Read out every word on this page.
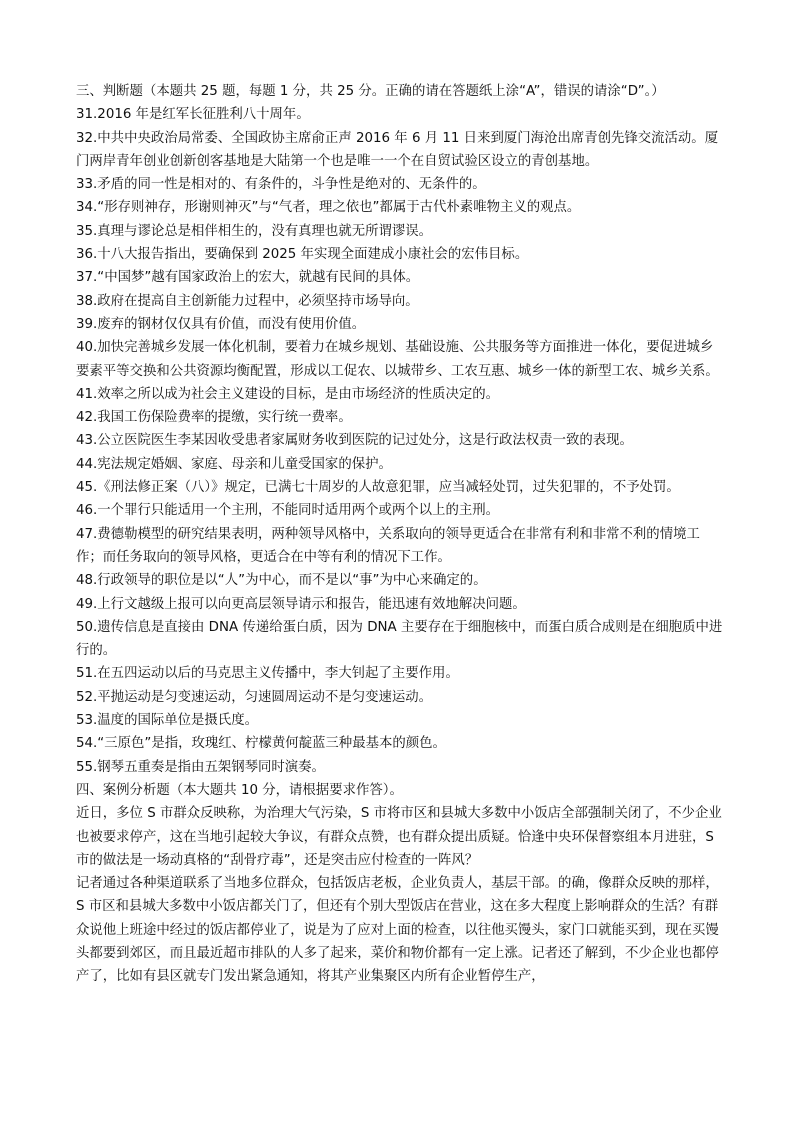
三、判断题（本题共 25 题，每题 1 分，共 25 分。正确的请在答题纸上涂“A”，错误的请涂“D”。）

31.2016 年是红军长征胜利八十周年。

32.中共中央政治局常委、全国政协主席俞正声 2016 年 6 月 11 日来到厦门海沧出席青创先锋交流活动。厦门两岸青年创业创新创客基地是大陆第一个也是唯一一个在自贸试验区设立的青创基地。

33.矛盾的同一性是相对的、有条件的，斗争性是绝对的、无条件的。

34.“形存则神存，形谢则神灭”与“气者，理之依也”都属于古代朴素唯物主义的观点。

35.真理与谬论总是相伴相生的，没有真理也就无所谓谬误。

36.十八大报告指出，要确保到 2025 年实现全面建成小康社会的宏伟目标。

37.“中国梦”越有国家政治上的宏大，就越有民间的具体。

38.政府在提高自主创新能力过程中，必须坚持市场导向。

39.废弃的钢材仅仅具有价值，而没有使用价值。

40.加快完善城乡发展一体化机制，要着力在城乡规划、基础设施、公共服务等方面推进一体化，要促进城乡要素平等交换和公共资源均衡配置，形成以工促农、以城带乡、工农互惠、城乡一体的新型工农、城乡关系。

41.效率之所以成为社会主义建设的目标，是由市场经济的性质决定的。

42.我国工伤保险费率的提缴，实行统一费率。

43.公立医院医生李某因收受患者家属财务收到医院的记过处分，这是行政法权责一致的表现。

44.宪法规定婚姻、家庭、母亲和儿童受国家的保护。

45.《刑法修正案（八）》规定，已满七十周岁的人故意犯罪，应当减轻处罚，过失犯罪的，不予处罚。

46.一个罪行只能适用一个主刑，不能同时适用两个或两个以上的主刑。

47.费德勒模型的研究结果表明，两种领导风格中，关系取向的领导更适合在非常有利和非常不利的情境工作；而任务取向的领导风格，更适合在中等有利的情况下工作。

48.行政领导的职位是以“人”为中心，而不是以“事”为中心来确定的。

49.上行文越级上报可以向更高层领导请示和报告，能迅速有效地解决问题。

50.遗传信息是直接由 DNA 传递给蛋白质，因为 DNA 主要存在于细胞核中，而蛋白质合成则是在细胞质中进行的。

51.在五四运动以后的马克思主义传播中，李大钊起了主要作用。

52.平抛运动是匀变速运动，匀速圆周运动不是匀变速运动。

53.温度的国际单位是摄氏度。

54.“三原色”是指，玫瑰红、柠檬黄何靛蓝三种最基本的颜色。

55.钢琴五重奏是指由五架钢琴同时演奏。

四、案例分析题（本大题共 10 分，请根据要求作答）。

近日，多位 S 市群众反映称，为治理大气污染，S 市将市区和县城大多数中小饭店全部强制关闭了，不少企业也被要求停产，这在当地引起较大争议，有群众点赞，也有群众提出质疑。恰逢中央环保督察组本月进驻，S 市的做法是一场动真格的“刮骨疗毒”，还是突击应付检查的一阵风？

记者通过各种渠道联系了当地多位群众，包括饭店老板，企业负责人，基层干部。的确，像群众反映的那样，S 市区和县城大多数中小饭店都关门了，但还有个别大型饭店在营业，这在多大程度上影响群众的生活？有群众说他上班途中经过的饭店都停业了，说是为了应对上面的检查，以往他买馒头，家门口就能买到，现在买馒头都要到郊区，而且最近超市排队的人多了起来，菜价和物价都有一定上涨。记者还了解到，不少企业也都停产了，比如有县区就专门发出紧急通知，将其产业集聚区内所有企业暂停生产，
